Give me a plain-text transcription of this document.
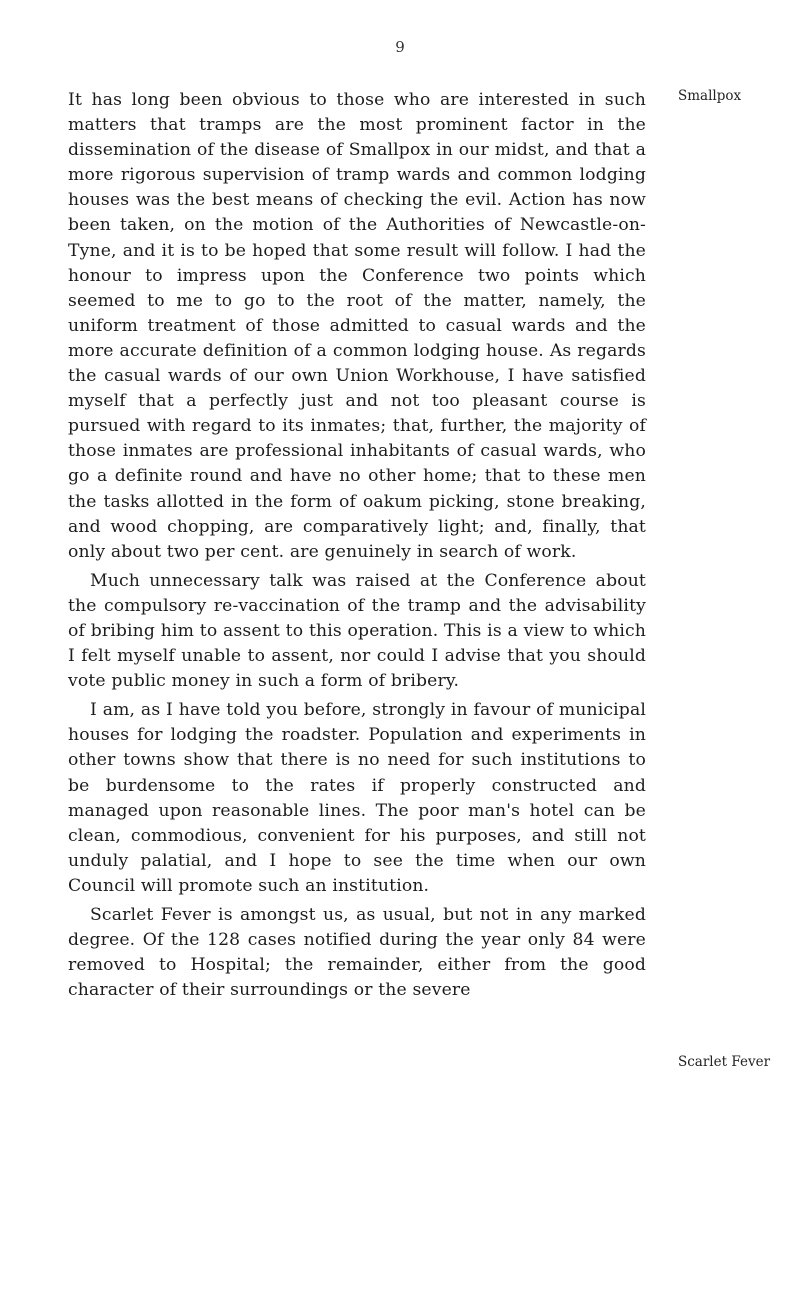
9

It has long been obvious to those who are interested in such matters that tramps are the most prominent factor in the dissemination of the disease of Smallpox in our midst, and that a more rigorous supervision of tramp wards and common lodging houses was the best means of checking the evil. Action has now been taken, on the motion of the Authorities of Newcastle-on-Tyne, and it is to be hoped that some result will follow. I had the honour to impress upon the Conference two points which seemed to me to go to the root of the matter, namely, the uniform treatment of those admitted to casual wards and the more accurate definition of a common lodging house. As regards the casual wards of our own Union Workhouse, I have satisfied myself that a perfectly just and not too pleasant course is pursued with regard to its inmates; that, further, the majority of those inmates are professional inhabitants of casual wards, who go a definite round and have no other home; that to these men the tasks allotted in the form of oakum picking, stone breaking, and wood chopping, are comparatively light; and, finally, that only about two per cent. are genuinely in search of work.

Much unnecessary talk was raised at the Conference about the compulsory re-vaccination of the tramp and the advisability of bribing him to assent to this operation. This is a view to which I felt myself unable to assent, nor could I advise that you should vote public money in such a form of bribery.

I am, as I have told you before, strongly in favour of municipal houses for lodging the roadster. Population and experiments in other towns show that there is no need for such institutions to be burdensome to the rates if properly constructed and managed upon reasonable lines. The poor man's hotel can be clean, commodious, convenient for his purposes, and still not unduly palatial, and I hope to see the time when our own Council will promote such an institution.

Scarlet Fever is amongst us, as usual, but not in any marked degree. Of the 128 cases notified during the year only 84 were removed to Hospital; the remainder, either from the good character of their surroundings or the severe

Smallpox
Scarlet Fever
